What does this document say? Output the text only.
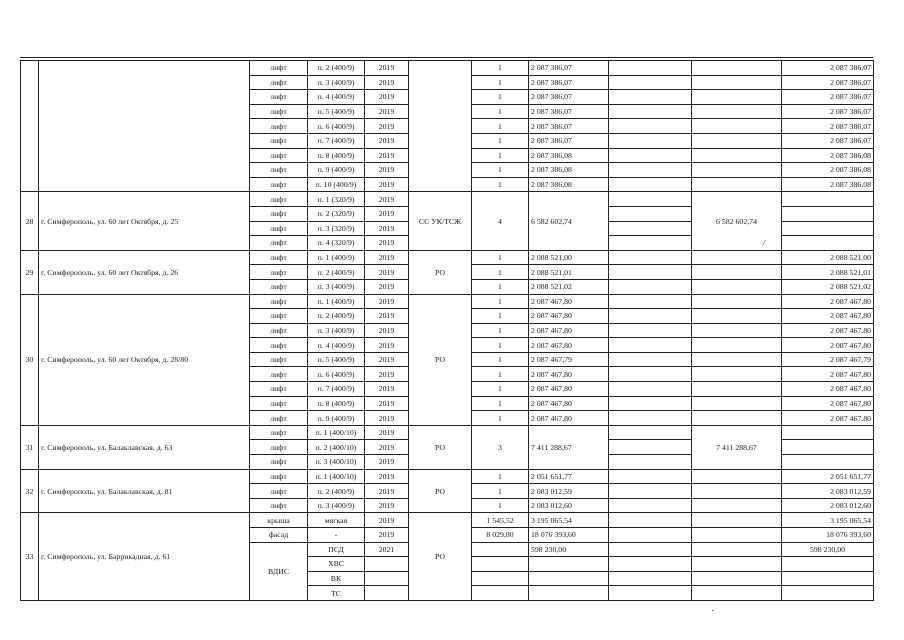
		лифт	п. 2 (400/9)	2019		1	2 087 386,07			2 087 386,07
		лифт	п. 3 (400/9)	2019		1	2 087 386,07			2 087 386,07
		лифт	п. 4 (400/9)	2019		1	2 087 386,07			2 087 386,07
		лифт	п. 5 (400/9)	2019		1	2 087 386,07			2 087 386,07
		лифт	п. 6 (400/9)	2019		1	2 087 386,07			2 087 386,07
		лифт	п. 7 (400/9)	2019		1	2 087 386,07			2 087 386,07
		лифт	п. 8 (400/9)	2019		1	2 087 386,08			2 087 386,08
		лифт	п. 9 (400/9)	2019		1	2 087 386,08			2 087 386,08
		лифт	п. 10 (400/9)	2019		1	2 087 386,08			2 087 386,08
28	г. Симферополь, ул. 60 лет Октября, д. 25	лифт	п. 1 (320/9)	2019	СС УК/ТСЖ	4	6 582 602,74		6 582 602,74
/	

		лифт	п. 2 (320/9)	2019						
		лифт	п. 3 (320/9)	2019						
		лифт	п. 4 (320/9)	2019						
29	г. Симферополь, ул. 60 лет Октября, д. 26	лифт	п. 1 (400/9)	2019	РО	1	2 088 521,00			2 088 521,00
		лифт	п. 2 (400/9)	2019		1	2 088 521,01			2 088 521,01
		лифт	п. 3 (400/9)	2019		1	2 088 521,02			2 088 521,02
30	г. Симферополь, ул. 60 лет Октября, д. 28/80	лифт	п. 1 (400/9)	2019	РО	1	2 087 467,80			2 087 467,80
		лифт	п. 2 (400/9)	2019		1	2 087 467,80			2 087 467,80
		лифт	п. 3 (400/9)	2019		1	2 087 467,80			2 087 467,80
		лифт	п. 4 (400/9)	2019		1	2 087 467,80			2 087 467,80
		лифт	п. 5 (400/9)	2019		1	2 087 467,79			2 087 467,79
		лифт	п. 6 (400/9)	2019		1	2 087 467,80			2 087 467,80
		лифт	п. 7 (400/9)	2019		1	2 087 467,80			2 087 467,80
		лифт	п. 8 (400/9)	2019		1	2 087 467,80			2 087 467,80
		лифт	п. 9 (400/9)	2019		1	2 087 467,80			2 087 467,80
31	г. Симферополь, ул. Балаклавская, д. 63	лифт	п. 1 (400/10)	2019	РО	3	7 411 288,67		7 411 288,67	
		лифт	п. 2 (400/10)	2019						
		лифт	п. 3 (400/10)	2019						
32	г. Симферополь, ул. Балаклавская, д. 81	лифт	п. 1 (400/10)	2019	РО	1	2 051 651,77			2 051 651,77
		лифт	п. 2 (400/9)	2019		1	2 083 012,59			2 083 012,59
		лифт	п. 3 (400/9)	2019		1	2 083 012,60			2 083 012,60
33	г. Симферополь, ул. Баррикадная, д. 61	крыша	мягкая	2019	РО	1 545,52	3 195 065,54			3 195 065,54
		фасад	-	2019		8 029,80	18 076 393,60			18 076 393,60
		ВДИС	ПСД	2021			598 230,00			598 230,00
			ХВС							
			ВК							
			ТС							
